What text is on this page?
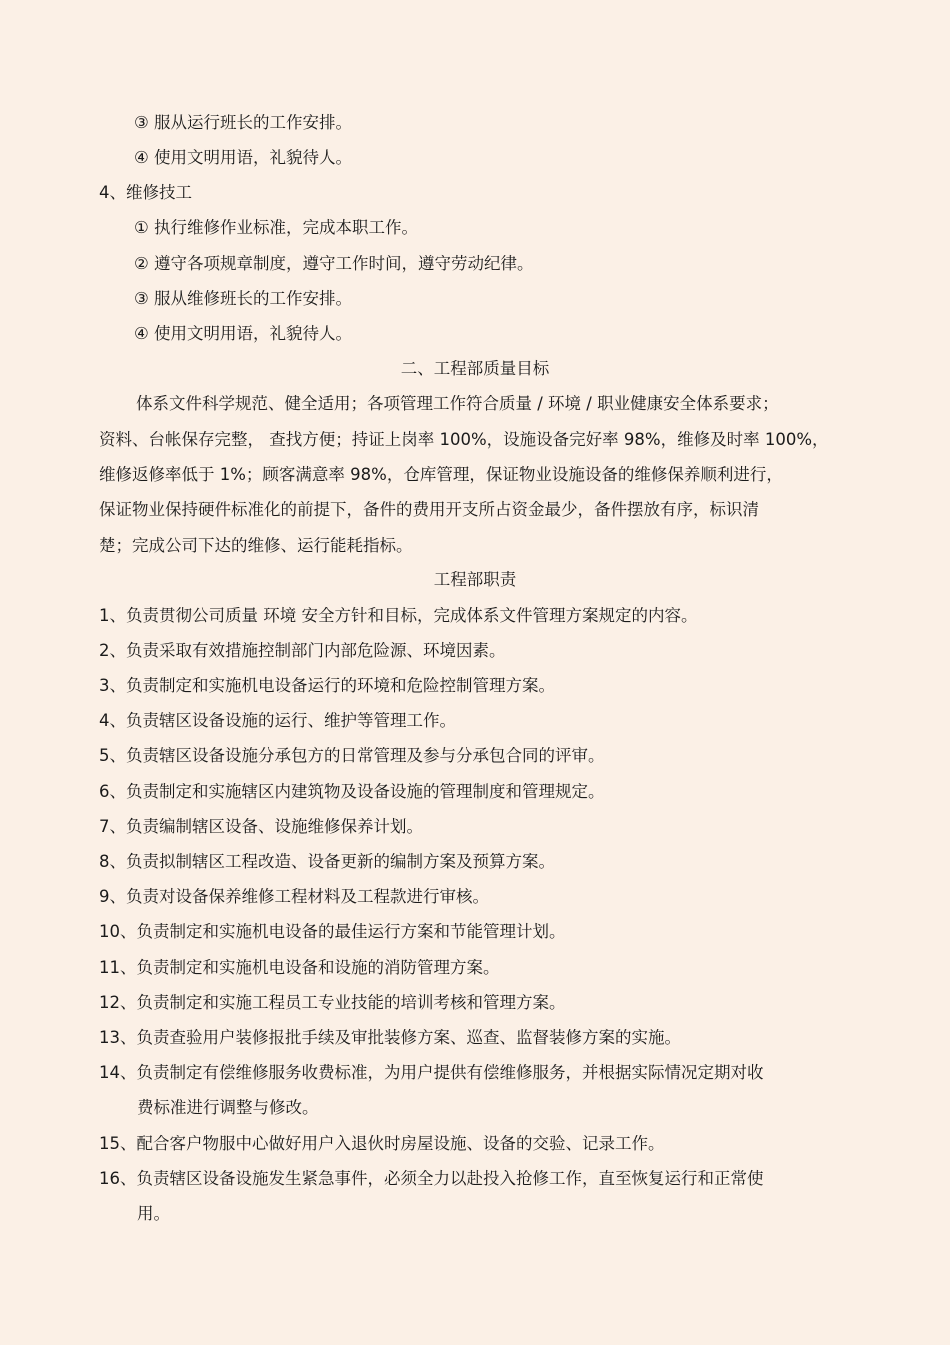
③ 服从运行班长的工作安排。
④ 使用文明用语，礼貌待人。
4、维修技工
① 执行维修作业标准，完成本职工作。
② 遵守各项规章制度，遵守工作时间，遵守劳动纪律。
③ 服从维修班长的工作安排。
④ 使用文明用语，礼貌待人。
二、工程部质量目标
体系文件科学规范、健全适用；各项管理工作符合质量 / 环境 / 职业健康安全体系要求；
资料、台帐保存完整， 查找方便；持证上岗率 100%，设施设备完好率 98%，维修及时率 100%，
维修返修率低于 1%；顾客满意率 98%，仓库管理，保证物业设施设备的维修保养顺利进行，
保证物业保持硬件标准化的前提下，备件的费用开支所占资金最少，备件摆放有序，标识清
楚；完成公司下达的维修、运行能耗指标。
工程部职责
1、负责贯彻公司质量 环境 安全方针和目标，完成体系文件管理方案规定的内容。
2、负责采取有效措施控制部门内部危险源、环境因素。
3、负责制定和实施机电设备运行的环境和危险控制管理方案。
4、负责辖区设备设施的运行、维护等管理工作。
5、负责辖区设备设施分承包方的日常管理及参与分承包合同的评审。
6、负责制定和实施辖区内建筑物及设备设施的管理制度和管理规定。
7、负责编制辖区设备、设施维修保养计划。
8、负责拟制辖区工程改造、设备更新的编制方案及预算方案。
9、负责对设备保养维修工程材料及工程款进行审核。
10、负责制定和实施机电设备的最佳运行方案和节能管理计划。
11、负责制定和实施机电设备和设施的消防管理方案。
12、负责制定和实施工程员工专业技能的培训考核和管理方案。
13、负责查验用户装修报批手续及审批装修方案、巡查、监督装修方案的实施。
14、负责制定有偿维修服务收费标准，为用户提供有偿维修服务，并根据实际情况定期对收
费标准进行调整与修改。
15、配合客户物服中心做好用户入退伙时房屋设施、设备的交验、记录工作。
16、负责辖区设备设施发生紧急事件，必须全力以赴投入抢修工作，直至恢复运行和正常使
用。
